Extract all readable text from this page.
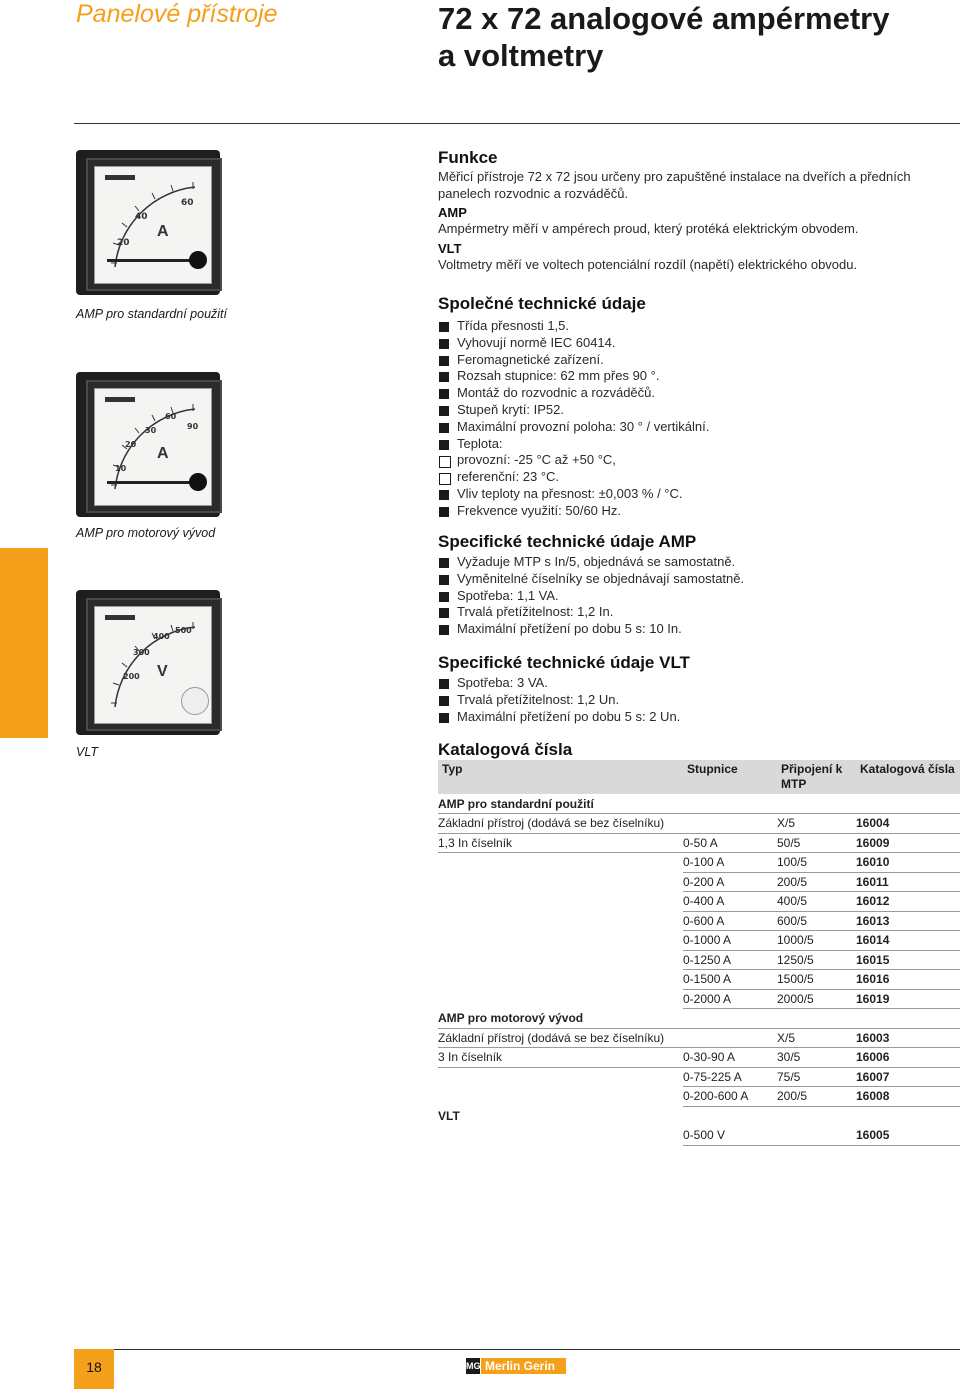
Panelové přístroje	72 x 72 analogové ampérmetry
a voltmetry
20
40
60
A
AMP pro standardní použití
10
20
30
60
90
A
AMP pro motorový vývod
200
300
400
500
V
VLT
Funkce
Měřicí přístroje 72 x 72 jsou určeny pro zapuštěné instalace na dveřích a předních panelech rozvodnic a rozváděčů.
AMP
Ampérmetry měří v ampérech proud, který protéká elektrickým obvodem.
VLT
Voltmetry měří ve voltech potenciální rozdíl (napětí) elektrického obvodu.
Společné technické údaje
Třída přesnosti 1,5.
Vyhovují normě IEC 60414.
Feromagnetické zařízení.
Rozsah stupnice: 62 mm přes 90 °.
Montáž do rozvodnic a rozváděčů.
Stupeň krytí: IP52.
Maximální provozní poloha: 30 ° / vertikální.
Teplota:
provozní: -25 °C až +50 °C,
referenční: 23 °C.
Vliv teploty na přesnost: ±0,003 % / °C.
Frekvence využití: 50/60 Hz.
Specifické technické údaje AMP
Vyžaduje MTP s In/5, objednává se samostatně.
Vyměnitelné číselníky se objednávají samostatně.
Spotřeba: 1,1 VA.
Trvalá přetížitelnost: 1,2 In.
Maximální přetížení po dobu 5 s: 10 In.
Specifické technické údaje VLT
Spotřeba: 3 VA.
Trvalá přetížitelnost: 1,2 Un.
Maximální přetížení po dobu 5 s: 2 Un.
Katalogová čísla
Typ	Stupnice	Připojení k MTP	Katalogová čísla
AMP pro standardní použití			
Základní přístroj (dodává se bez číselníku)		X/5	16004
1,3 In číselník	0-50 A	50/5	16009
	0-100 A	100/5	16010
	0-200 A	200/5	16011
	0-400 A	400/5	16012
	0-600 A	600/5	16013
	0-1000 A	1000/5	16014
	0-1250 A	1250/5	16015
	0-1500 A	1500/5	16016
	0-2000 A	2000/5	16019
AMP pro motorový vývod			
Základní přístroj (dodává se bez číselníku)		X/5	16003
3 In číselník	0-30-90 A	30/5	16006
	0-75-225 A	75/5	16007
	0-200-600 A	200/5	16008
VLT			
	0-500 V		16005
18	MG Merlin Gerin
